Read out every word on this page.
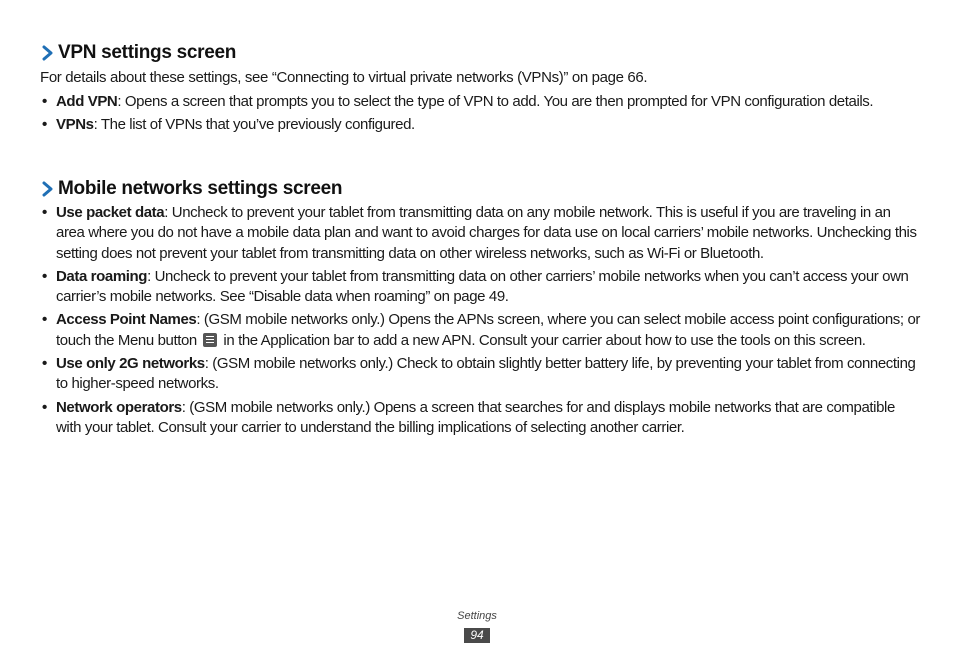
VPN settings screen
For details about these settings, see “Connecting to virtual private networks (VPNs)” on page 66.
• Add VPN: Opens a screen that prompts you to select the type of VPN to add. You are then prompted for VPN configuration details.
• VPNs: The list of VPNs that you’ve previously configured.
Mobile networks settings screen
• Use packet data: Uncheck to prevent your tablet from transmitting data on any mobile network. This is useful if you are traveling in an area where you do not have a mobile data plan and want to avoid charges for data use on local carriers’ mobile networks. Unchecking this setting does not prevent your tablet from transmitting data on other wireless networks, such as Wi-Fi or Bluetooth.
• Data roaming: Uncheck to prevent your tablet from transmitting data on other carriers’ mobile networks when you can’t access your own carrier’s mobile networks. See “Disable data when roaming” on page 49.
• Access Point Names: (GSM mobile networks only.) Opens the APNs screen, where you can select mobile access point configurations; or touch the Menu button
in the Application bar to add a new APN. Consult your carrier about how to use the tools on this screen.
• Use only 2G networks: (GSM mobile networks only.) Check to obtain slightly better battery life, by preventing your tablet from connecting to higher-speed networks.
• Network operators: (GSM mobile networks only.) Opens a screen that searches for and displays mobile networks that are compatible with your tablet. Consult your carrier to understand the billing implications of selecting another carrier.
Settings
94
